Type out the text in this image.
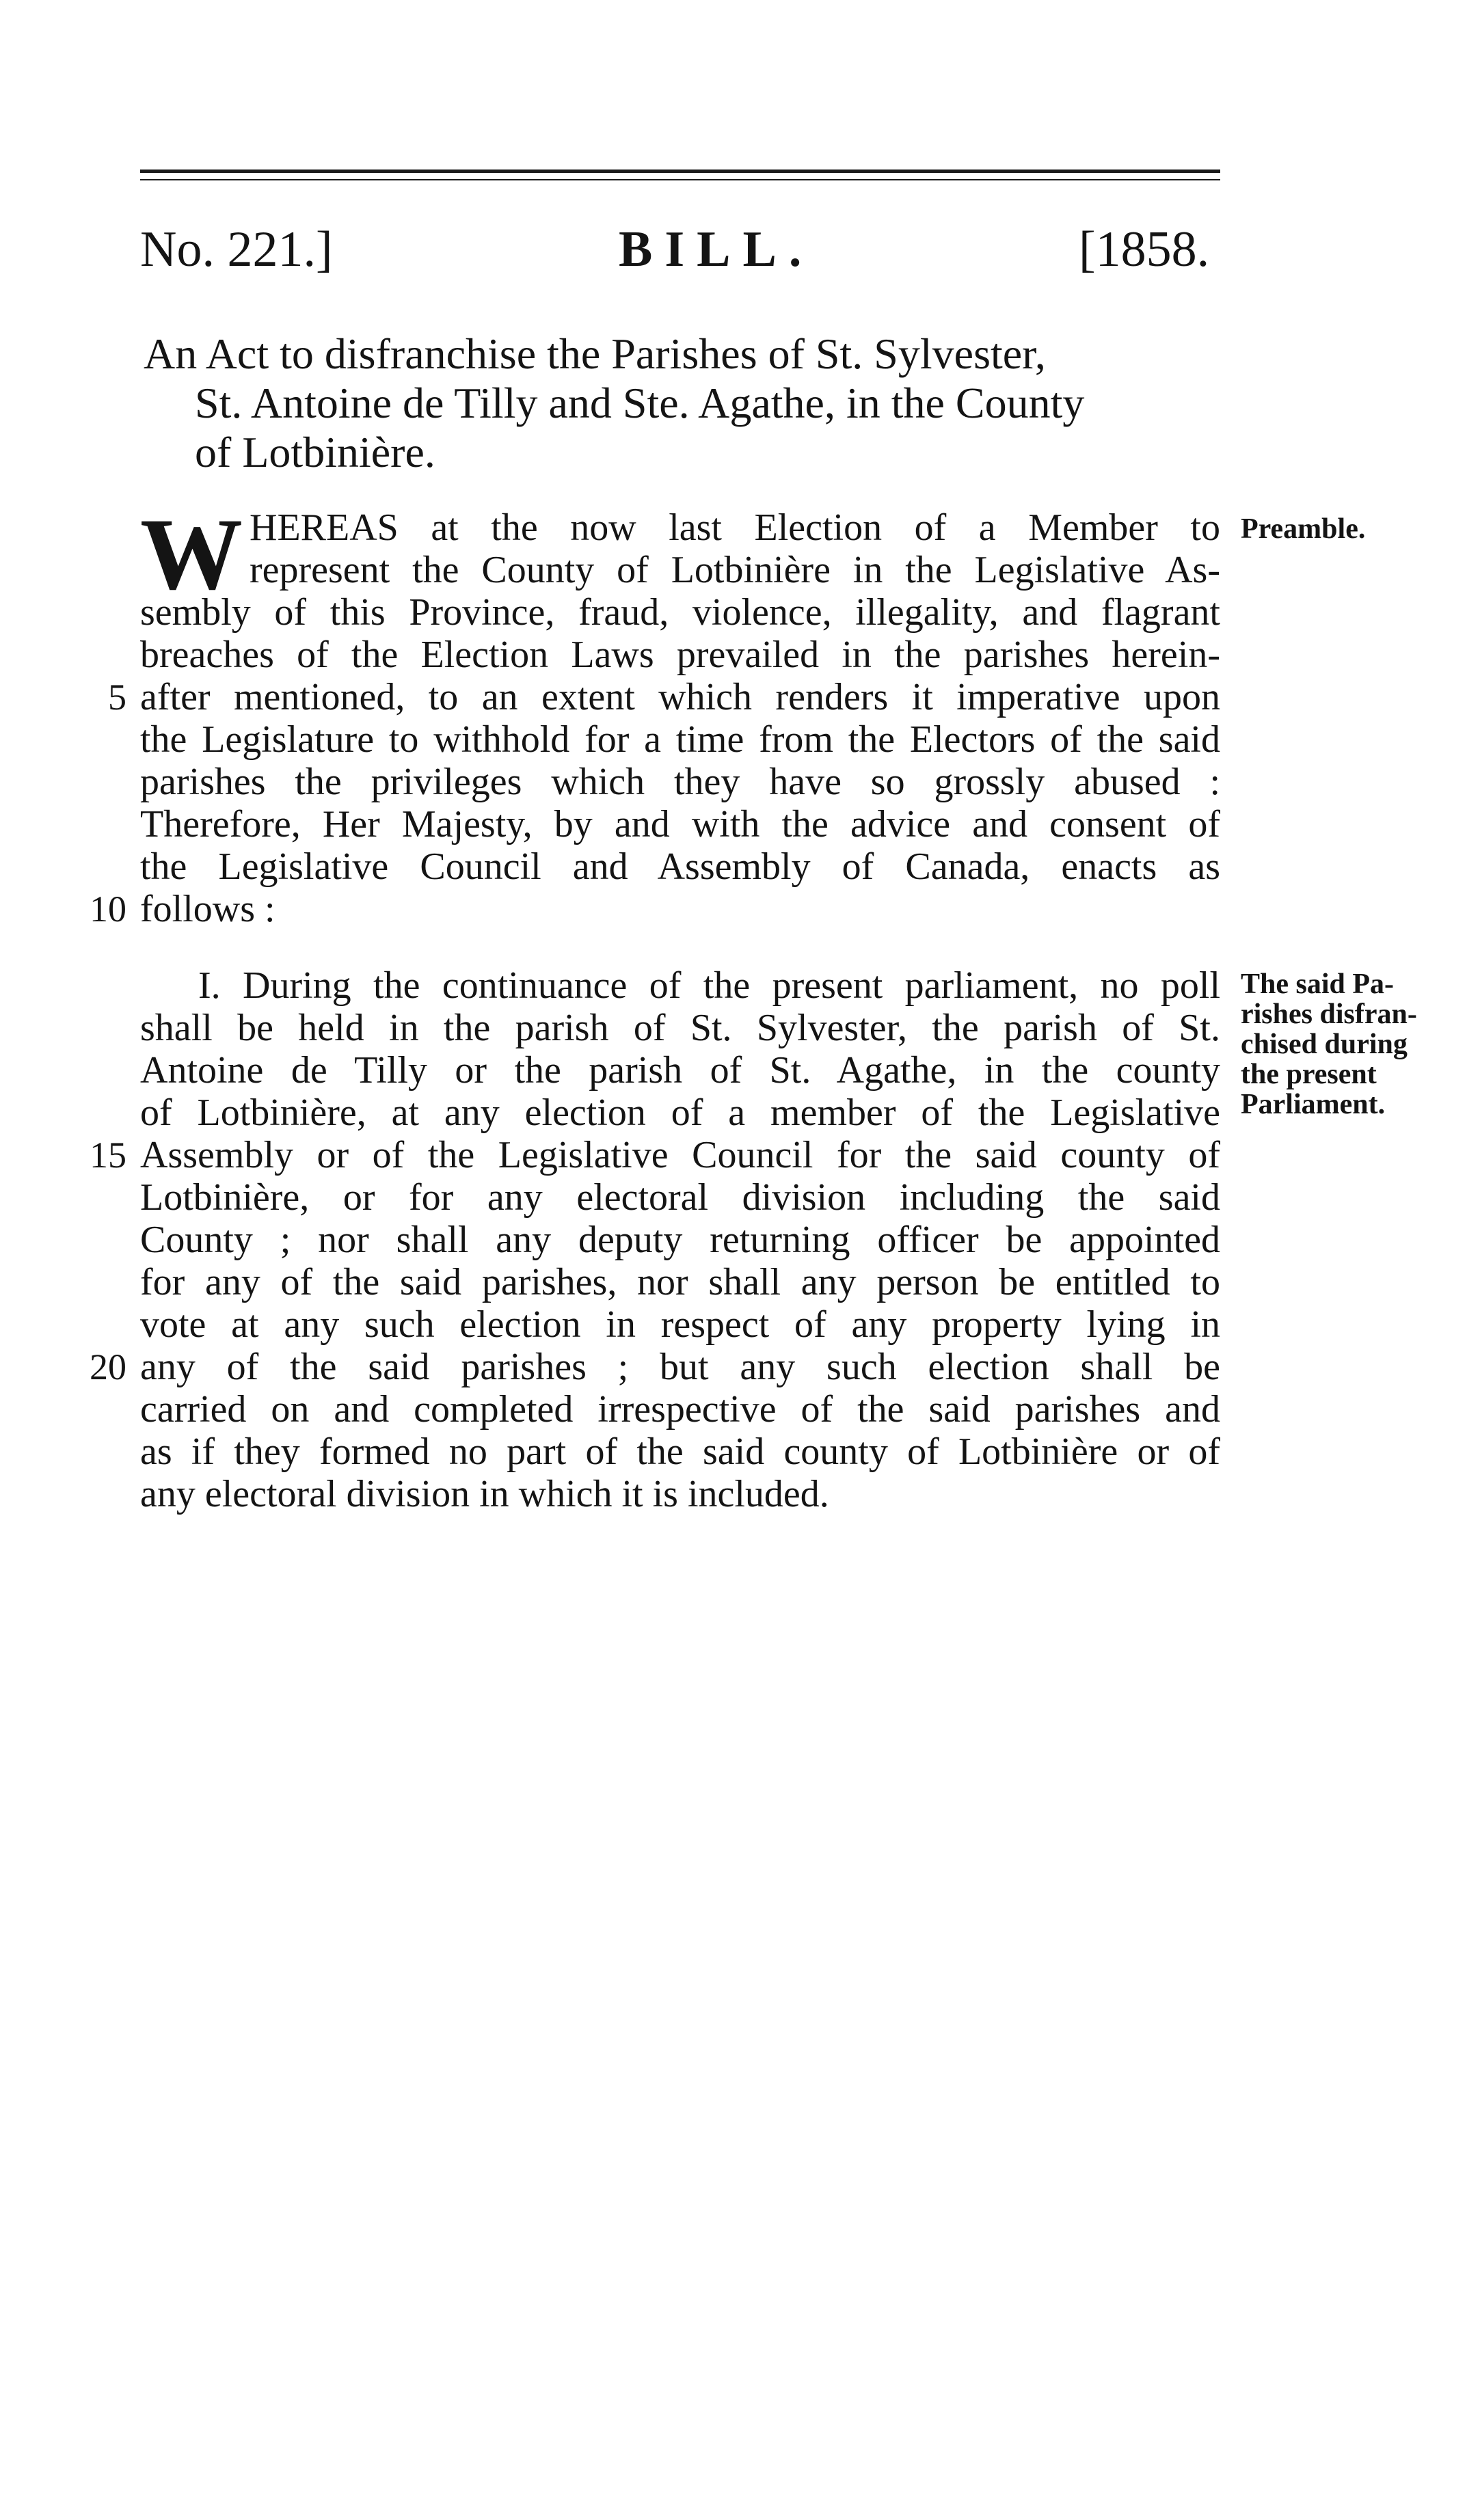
No. 221.]	BILL.	[1858.
An Act to disfranchise the Parishes of St. Sylvester,
St. Antoine de Tilly and Ste. Agathe, in the County
of Lotbinière.
W	Preamble.
HEREAS at the now last Election of a Member to
represent the County of Lotbinière in the Legislative As-
sembly of this Province, fraud, violence, illegality, and flagrant
breaches of the Election Laws prevailed in the parishes herein-
after mentioned, to an extent which renders it imperative upon
the Legislature to withhold for a time from the Electors of the said
parishes the privileges which they have so grossly abused :
Therefore, Her Majesty, by and with the advice and consent of
the Legislative Council and Assembly of Canada, enacts as
follows :
I. During the continuance of the present parliament, no poll
shall be held in the parish of St. Sylvester, the parish of St.
Antoine de Tilly or the parish of St. Agathe, in the county
of Lotbinière, at any election of a member of the Legislative
Assembly or of the Legislative Council for the said county of
Lotbinière, or for any electoral division including the said
County ; nor shall any deputy returning officer be appointed
for any of the said parishes, nor shall any person be entitled to
vote at any such election in respect of any property lying in
any of the said parishes ; but any such election shall be
carried on and completed irrespective of the said parishes and
as if they formed no part of the said county of Lotbinière or of
any electoral division in which it is included.
The said Pa-
rishes disfran-
chised during
the present
Parliament.
5
10
15
20
